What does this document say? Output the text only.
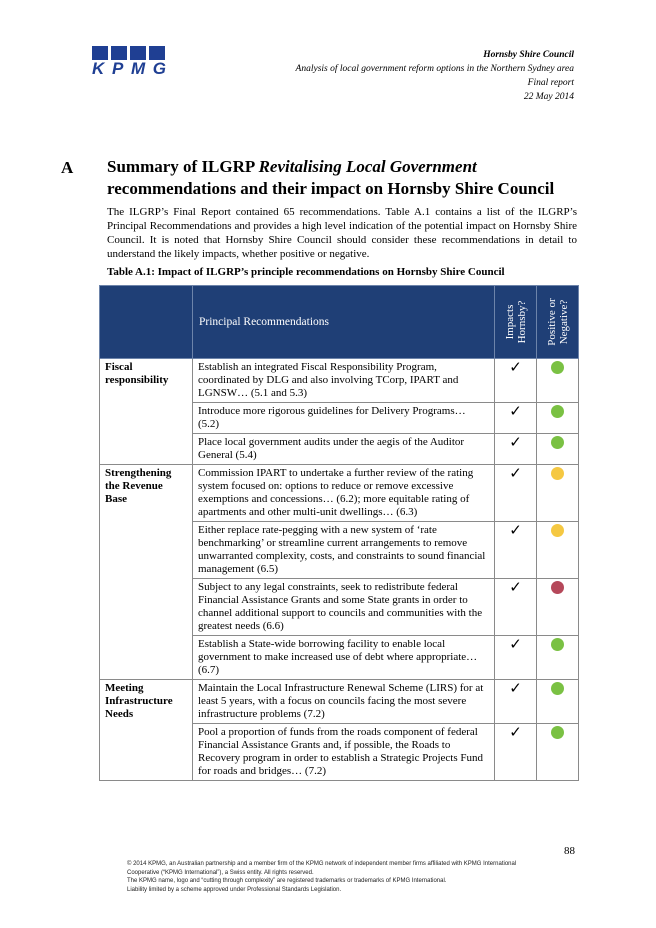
KPMG
Hornsby Shire Council
Analysis of local government reform options in the Northern Sydney area
Final report
22 May 2014
A Summary of ILGRP Revitalising Local Government recommendations and their impact on Hornsby Shire Council
The ILGRP’s Final Report contained 65 recommendations. Table A.1 contains a list of the ILGRP’s Principal Recommendations and provides a high level indication of the potential impact on Hornsby Shire Council. It is noted that Hornsby Shire Council should consider these recommendations in detail to understand the likely impacts, whether positive or negative.
Table A.1: Impact of ILGRP’s principle recommendations on Hornsby Shire Council
	Principal Recommendations	Impacts Hornsby?	Positive or Negative?

Fiscal responsibility	Establish an integrated Fiscal Responsibility Program, coordinated by DLG and also involving TCorp, IPART and LGNSW… (5.1 and 5.3)	✓	
	Introduce more rigorous guidelines for Delivery Programs… (5.2)	✓	
	Place local government audits under the aegis of the Auditor General (5.4)	✓	
Strengthening the Revenue Base	Commission IPART to undertake a further review of the rating system focused on: options to reduce or remove excessive exemptions and concessions… (6.2); more equitable rating of apartments and other multi-unit dwellings… (6.3)	✓	
	Either replace rate-pegging with a new system of ‘rate benchmarking’ or streamline current arrangements to remove unwarranted complexity, costs, and constraints to sound financial management (6.5)	✓	
	Subject to any legal constraints, seek to redistribute federal Financial Assistance Grants and some State grants in order to channel additional support to councils and communities with the greatest needs (6.6)	✓	
	Establish a State-wide borrowing facility to enable local government to make increased use of debt where appropriate… (6.7)	✓	
Meeting Infrastructure Needs	Maintain the Local Infrastructure Renewal Scheme (LIRS) for at least 5 years, with a focus on councils facing the most severe infrastructure problems (7.2)	✓	
	Pool a proportion of funds from the roads component of federal Financial Assistance Grants and, if possible, the Roads to Recovery program in order to establish a Strategic Projects Fund for roads and bridges… (7.2)	✓	
88
© 2014 KPMG, an Australian partnership and a member firm of the KPMG network of independent member firms affiliated with KPMG International Cooperative (“KPMG International”), a Swiss entity. All rights reserved.
The KPMG name, logo and “cutting through complexity” are registered trademarks or trademarks of KPMG International.
Liability limited by a scheme approved under Professional Standards Legislation.
